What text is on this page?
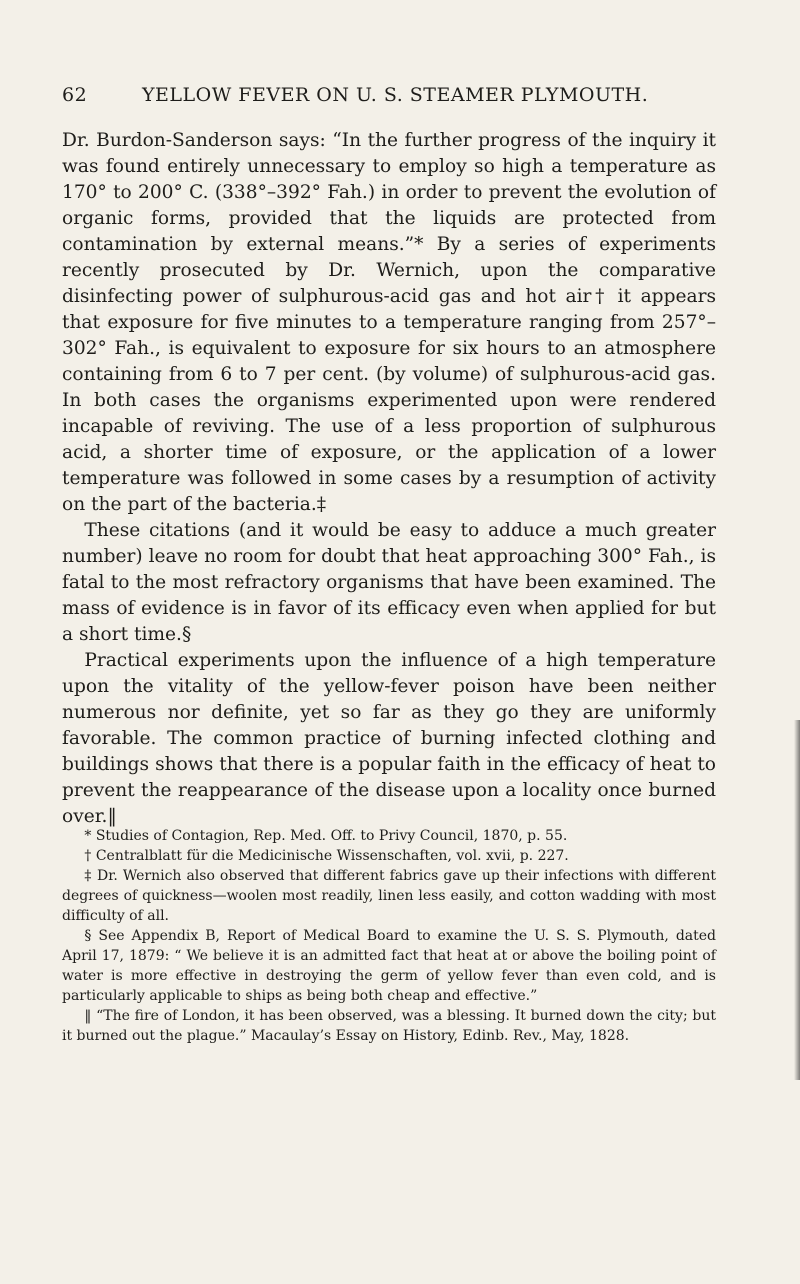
62	YELLOW FEVER ON U. S. STEAMER PLYMOUTH.

Dr. Burdon-Sanderson says: “In the further progress of the inquiry it was found entirely unnecessary to employ so high a temperature as 170° to 200° C. (338°–392° Fah.) in order to prevent the evolution of organic forms, provided that the liquids are protected from contamination by external means.”* By a series of experiments recently prosecuted by Dr. Wernich, upon the comparative disinfecting power of sulphurous-acid gas and hot air† it appears that exposure for five minutes to a temperature ranging from 257°–302° Fah., is equivalent to exposure for six hours to an atmosphere containing from 6 to 7 per cent. (by volume) of sulphurous-acid gas. In both cases the organisms experimented upon were rendered incapable of reviving. The use of a less proportion of sulphurous acid, a shorter time of exposure, or the application of a lower temperature was followed in some cases by a resumption of activity on the part of the bacteria.‡

These citations (and it would be easy to adduce a much greater number) leave no room for doubt that heat approaching 300° Fah., is fatal to the most refractory organisms that have been examined. The mass of evidence is in favor of its efficacy even when applied for but a short time.§

Practical experiments upon the influence of a high temperature upon the vitality of the yellow-fever poison have been neither numerous nor definite, yet so far as they go they are uniformly favorable. The common practice of burning infected clothing and buildings shows that there is a popular faith in the efficacy of heat to prevent the reappearance of the disease upon a locality once burned over.‖

* Studies of Contagion, Rep. Med. Off. to Privy Council, 1870, p. 55.

† Centralblatt für die Medicinische Wissenschaften, vol. xvii, p. 227.

‡ Dr. Wernich also observed that different fabrics gave up their infections with different degrees of quickness—woolen most readily, linen less easily, and cotton wadding with most difficulty of all.

§ See Appendix B, Report of Medical Board to examine the U. S. S. Plymouth, dated April 17, 1879: “ We believe it is an admitted fact that heat at or above the boiling point of water is more effective in destroying the germ of yellow fever than even cold, and is particularly applicable to ships as being both cheap and effective.”

‖ “The fire of London, it has been observed, was a blessing. It burned down the city; but it burned out the plague.” Macaulay’s Essay on History, Edinb. Rev., May, 1828.
